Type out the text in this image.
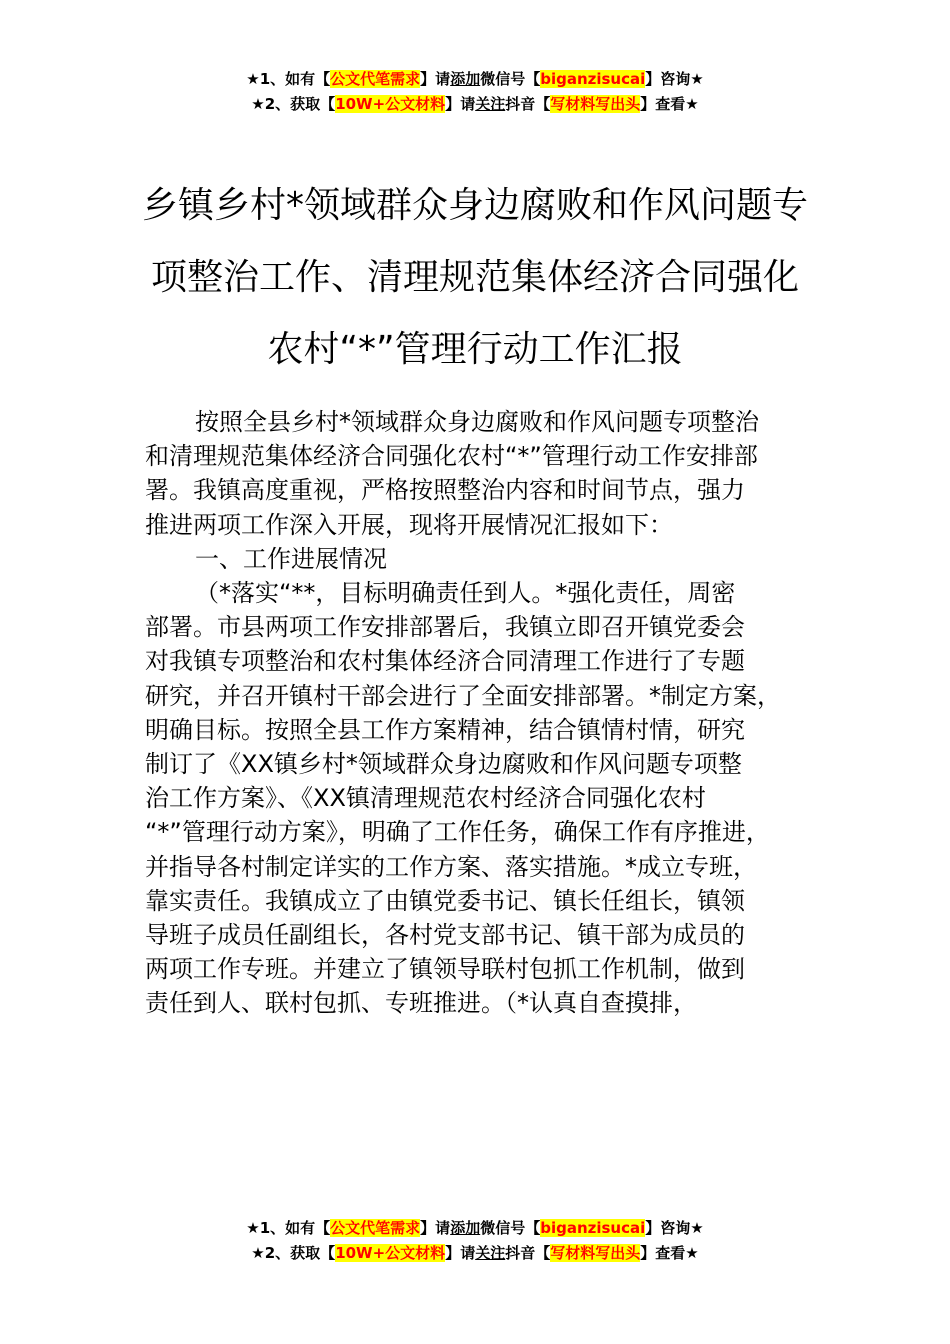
★1、如有【公文代笔需求】请添加微信号【biganzisucai】咨询★
★2、获取【10W+公文材料】请关注抖音【写材料写出头】查看★
乡镇乡村*领域群众身边腐败和作风问题专
项整治工作、清理规范集体经济合同强化
农村“*”管理行动工作汇报
按照全县乡村*领域群众身边腐败和作风问题专项整治
和清理规范集体经济合同强化农村“*”管理行动工作安排部
署。我镇高度重视，严格按照整治内容和时间节点，强力
推进两项工作深入开展，现将开展情况汇报如下：
一、工作进展情况
（*落实“**，目标明确责任到人。*强化责任，周密
部署。市县两项工作安排部署后，我镇立即召开镇党委会
对我镇专项整治和农村集体经济合同清理工作进行了专题
研究，并召开镇村干部会进行了全面安排部署。*制定方案，
明确目标。按照全县工作方案精神，结合镇情村情，研究
制订了《XX镇乡村*领域群众身边腐败和作风问题专项整
治工作方案》、《XX镇清理规范农村经济合同强化农村
“*”管理行动方案》，明确了工作任务，确保工作有序推进，
并指导各村制定详实的工作方案、落实措施。*成立专班，
靠实责任。我镇成立了由镇党委书记、镇长任组长，镇领
导班子成员任副组长，各村党支部书记、镇干部为成员的
两项工作专班。并建立了镇领导联村包抓工作机制，做到
责任到人、联村包抓、专班推进。（*认真自查摸排，
★1、如有【公文代笔需求】请添加微信号【biganzisucai】咨询★
★2、获取【10W+公文材料】请关注抖音【写材料写出头】查看★
